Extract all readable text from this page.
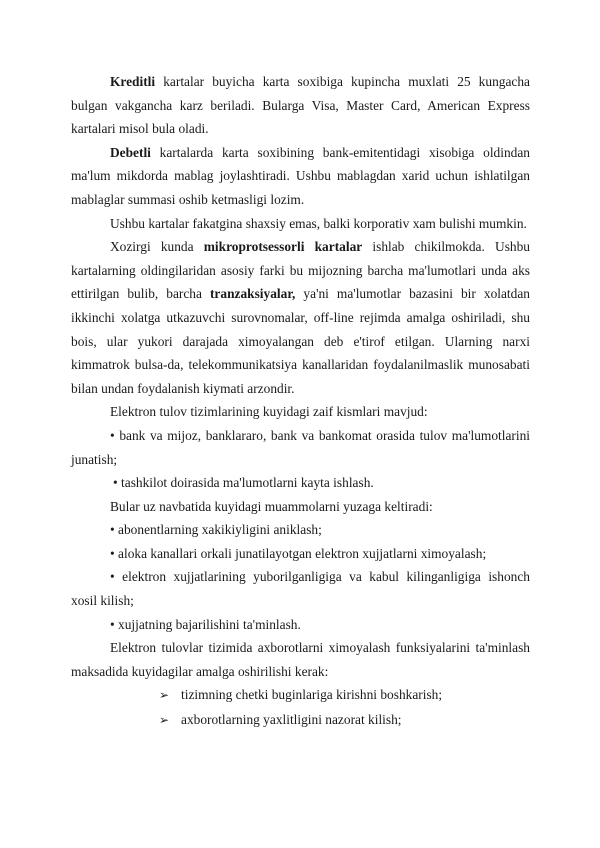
Kreditli kartalar buyicha karta soxibiga kupincha muxlati 25 kungacha bulgan vakgancha karz beriladi. Bularga Visa, Master Card, American Express kartalari misol bula oladi.

Debetli kartalarda karta soxibining bank-emitentidagi xisobiga oldindan ma'lum mikdorda mablag joylashtiradi. Ushbu mablagdan xarid uchun ishlatilgan mablaglar summasi oshib ketmasligi lozim.

Ushbu kartalar fakatgina shaxsiy emas, balki korporativ xam bulishi mumkin.

Xozirgi kunda mikroprotsessorli kartalar ishlab chikilmokda. Ushbu kartalarning oldingilaridan asosiy farki bu mijozning barcha ma'lumotlari unda aks ettirilgan bulib, barcha tranzaksiyalar, ya'ni ma'lumotlar bazasini bir xolatdan ikkinchi xolatga utkazuvchi surovnomalar, off-line rejimda amalga oshiriladi, shu bois, ular yukori darajada ximoyalangan deb e'tirof etilgan. Ularning narxi kimmatrok bulsa-da, telekommunikatsiya kanallaridan foydalanilmaslik munosabati bilan undan foydalanish kiymati arzondir.

Elektron tulov tizimlarining kuyidagi zaif kismlari mavjud:

• bank va mijoz, banklararo, bank va bankomat orasida tulov ma'lumotlarini junatish;

• tashkilot doirasida ma'lumotlarni kayta ishlash.

Bular uz navbatida kuyidagi muammolarni yuzaga keltiradi:

• abonentlarning xakikiyligini aniklash;

• aloka kanallari orkali junatilayotgan elektron xujjatlarni ximoyalash;

• elektron xujjatlarining yuborilganligiga va kabul kilinganligiga ishonch xosil kilish;

• xujjatning bajarilishini ta'minlash.

Elektron tulovlar tizimida axborotlarni ximoyalash funksiyalarini ta'minlash maksadida kuyidagilar amalga oshirilishi kerak:

➢ tizimning chetki buginlariga kirishni boshkarish;
➢ axborotlarning yaxlitligini nazorat kilish;
